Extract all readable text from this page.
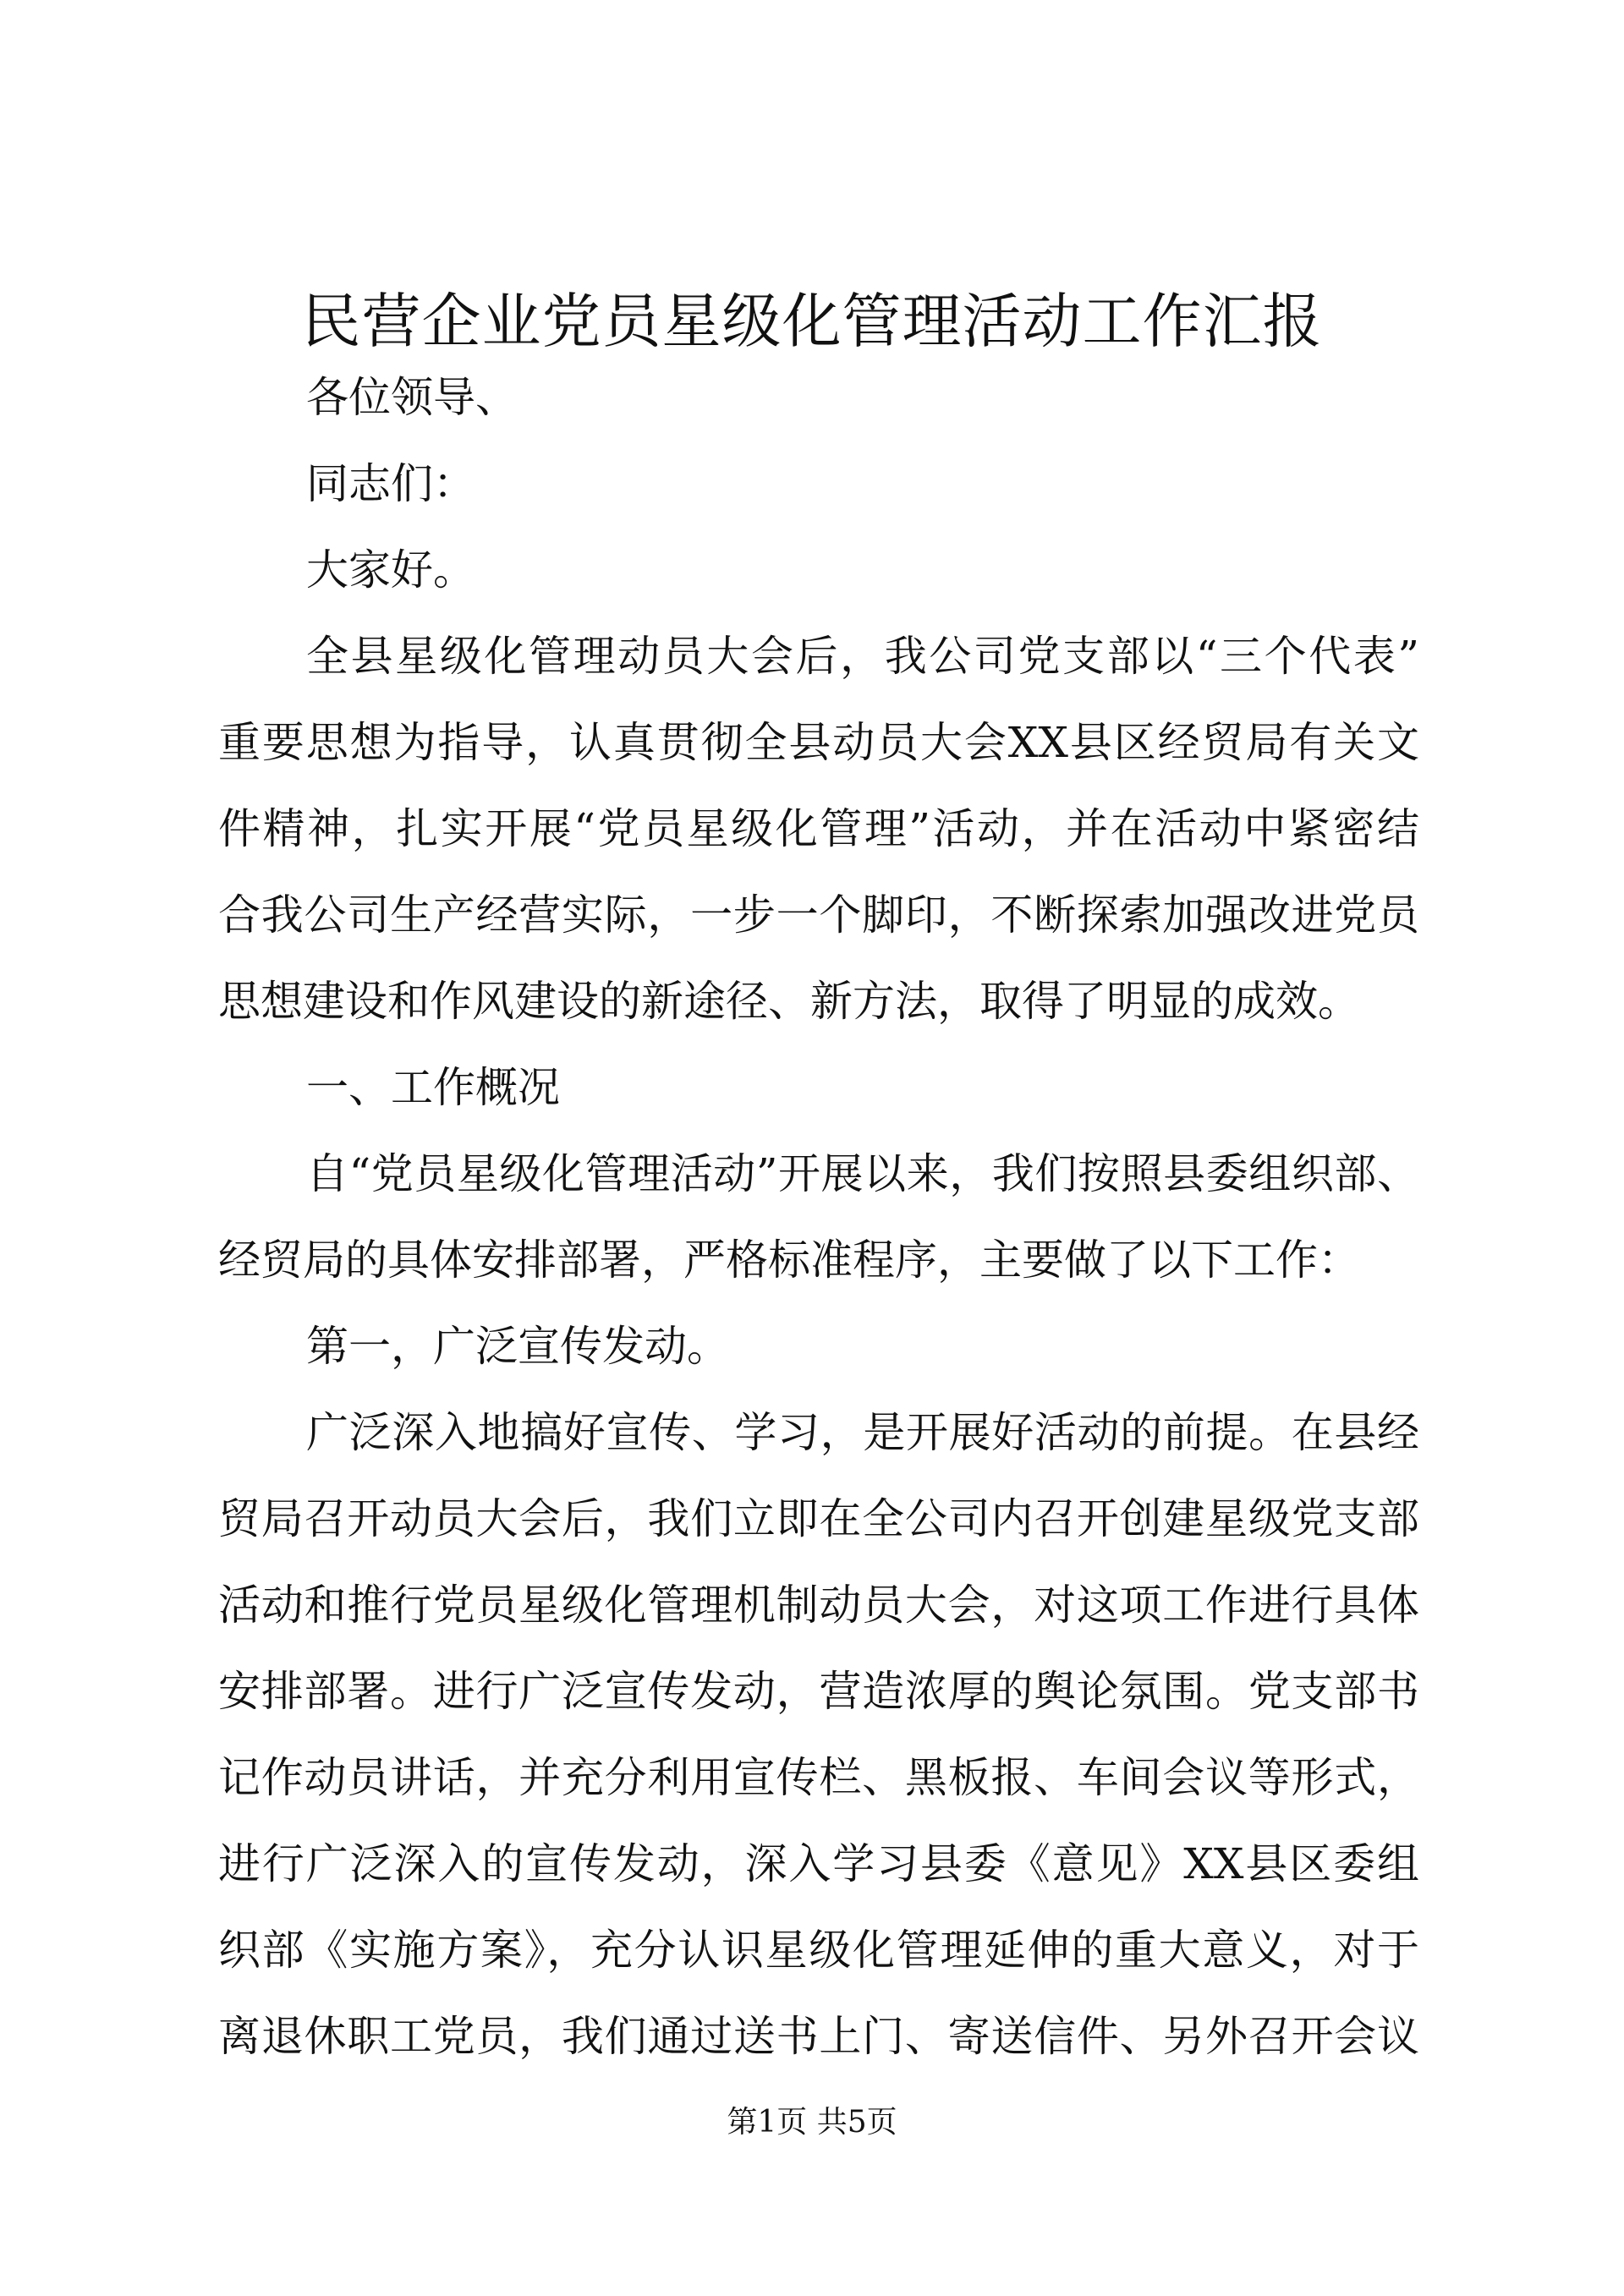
民营企业党员星级化管理活动工作汇报

各位领导、

同志们：

大家好。

全县星级化管理动员大会后，我公司党支部以“三个代表”

重要思想为指导，认真贯彻全县动员大会XX县区经贸局有关文

件精神，扎实开展“党员星级化管理”活动，并在活动中紧密结

合我公司生产经营实际，一步一个脚印，不断探索加强改进党员

思想建设和作风建设的新途径、新方法，取得了明显的成效。

一、工作概况

自“党员星级化管理活动”开展以来，我们按照县委组织部、

经贸局的具体安排部署，严格标准程序，主要做了以下工作：

第一，广泛宣传发动。

广泛深入地搞好宣传、学习，是开展好活动的前提。在县经

贸局召开动员大会后，我们立即在全公司内召开创建星级党支部

活动和推行党员星级化管理机制动员大会，对这项工作进行具体

安排部署。进行广泛宣传发动，营造浓厚的舆论氛围。党支部书

记作动员讲话，并充分利用宣传栏、黑板报、车间会议等形式，

进行广泛深入的宣传发动，深入学习县委《意见》XX县区委组

织部《实施方案》，充分认识星级化管理延伸的重大意义，对于

离退休职工党员，我们通过送书上门、寄送信件、另外召开会议

第1页 共5页
